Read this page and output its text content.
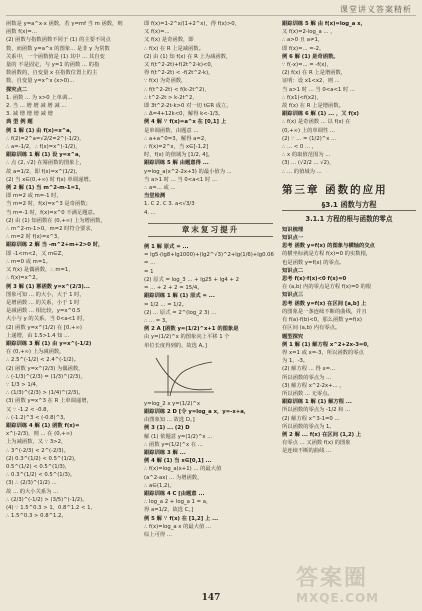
课堂讲义答案精析
函数是 y=a^x·x 函数，若 y=mf 当 m 函数，则
函数 f(x)=...
(2) 函数与指数函数不同于 (1) 的主要不同点
数，而函数 y=a^x 的图象... 是非 y 为常数
关系中，一个函数值是 (1) 其中 ... 其自变
量的 不是固定，与 y=1 的函数 ... 的指
数函数的，自变量 x 在指数位置上的主
数，自变量 y=x^x (x>0)...
探究点二
1. 函数 ... 为 x>0 上单调...
2. 当 ... 增 增 减 增 减 ...
3. 减 增 增 增 减 增
典 型 例 题
例 1 解 (1) 由 f(x)=x^a，
∴ f(2)=2^a=√2/2=2^(-1/2)，
∴ a=-1/2，∴ f(x)=x^(-1/2)，
跟踪训练 1 解 (1) 设 y=x^a，
∴ 点 (2, √2) 在幂函数的图象上，
故 a=1/2，即 f(x)=x^(1/2)。
(2) 当 x∈(0,+∞) 时 f(x) 单调递增。
例 2 解 (1) 当 m^2-m-1=1，
即 m=2 或 m=-1 时，
当 m=2 时，f(x)=x^3 是奇函数；
当 m=-1 时，f(x)=x^0 不满足题意。
(2) 由 (1) 知函数在 (0,+∞) 上为增函数，
∴ m^2-m-1>0，m=2 时符合要求，
∴ m=2 时 f(x)=x^3，
跟踪训练 2 解 当 -m^2+m+2>0 时，
即 -1<m<2，又 m∈Z，
∴ m=0 或 m=1。
又 f(x) 是偶函数，∴ m=1，
∴ f(x)=x^2。
例 3 解 (1) 幂函数 y=x^(2/3)...
图象可知 ... 的大小，大于 1 时，
是增函数 ... 的关系，小于 1 时
是减函数 ... 相比较，y=x^0.5
大小与 y 的关系，当 0<a<1 时，
(2) 函数 y=x^(1/2) 在 [0,+∞)
上递增，由 1.5>1.4 知 ...
跟踪训练 3 解 (1) 由 y=x^(-1/2)
在 (0,+∞) 上为减函数，
∴ 2.5^(-1/2) < 2.4^(-1/2)。
(2) 函数 y=x^(2/3) 为偶函数，
∴ (-1/3)^(2/3) = (1/3)^(2/3)，
∵ 1/3 > 1/4，
∴ (1/3)^(2/3) > (1/4)^(2/3)。
(3) 函数 y=x^3 在 R 上单调递增，
又 ∵ -1.2 < -0.8，
∴ (-1.2)^3 < (-0.8)^3。
跟踪训练 4 解 (1) 函数 f(x)=
x^(-2/3)，则 ... 在 (0,+∞)
上为减函数，又 ∵ 3>2，
∴ 3^(-2/3) < 2^(-2/3)。
(2) 0.3^(1/2) < 0.5^(1/2)，
0.5^(1/2) < 0.5^(1/3)，
∴ 0.3^(1/2) < 0.5^(1/3)。
(3) ∴ (2/3)^(1/2) ...
故 ... 的大小关系为 ...
∴ (2/3)^(-1/2) > (3/5)^(-1/2)。
(4) ∵ 1.5^0.3 > 1，0.8^1.2 < 1，
∴ 1.5^0.3 > 0.8^1.2。
即 f(x)=1-2^x/(1+2^x)，得 f(x)>0，
又 f(x)=...
又 f(x) 是奇函数，即
∴ f(x) 在 R 上是减函数。
(2) 由 (1) 知 f(x) 在 R 上为减函数，
又 f(t^2-2t)+f(2t^2-k)<0，
得 f(t^2-2t) < -f(2t^2-k)，
∵ f(x) 为奇函数，
∴ f(t^2-2t) < f(k-2t^2)，
∴ t^2-2t > k-2t^2，
即 3t^2-2t-k>0 对一切 t∈R 成立，
∴ Δ=4+12k<0，解得 k<-1/3。
例 4 解 ∵ f(x)=a^x 在 [0,1] 上
是单调函数，由题意 ...
∴ a+a^0=3，解得 a=2，
∴ f(x)=2^x，当 x∈[-1,2]
时，f(x) 的值域为 [1/2, 4]。
跟踪训练 5 解 由题意得 ...
y=log_a(x^2-2x+3) 的最小值为 ...
当 a>1 时 ... 当 0<a<1 时 ...
∴ a=... 或 ...
当堂检测
1. C 2. C 3. a<√3/3
4. ...
章末复习提升
例 1 解 原式 = ...
= lg5·(lg8+lg1000)+(lg2^√3)^2+lg(1/6)+lg0.06
= ...
= 1
(2) 原式 = log_3 ... + lg25 + lg4 + 2
= ... + 2 + 2 = 15/4。
跟踪训练 1 解 (1) 原式 = ...
= 1/2 ... = 1/2。
(2) ... 原式 = 2^(log_2 3) ...
∴ ... = 3。
例 2 A [函数 y=(1/2)^x+1 的图象是
由 y=(1/2)^x 的图象向上平移 1 个
单位长度得到的，故选 A。]
y=log_2 x y=(1/2)^x
跟踪训练 2 D [令 y=log_a x，y=-x+a，
由图象知 ... 故选 D。]
例 3 (1) ... (2) D
解 (1) 依题意 y=(1/2)^x ...
∴ 函数 y=(1/2)^x 在 ...
跟踪训练 3 解 ...
例 4 解 (1) 当 x∈[0,1] ...
∴ f(x)=log_a(x+1) ... 的最大值
(a^2-ax) ... 为增函数，
∴ a∈(1,2)。
跟踪训练 4 C [由题意 ...
∴ log_a 2 + log_a 1 = a，
得 a=1/2，故选 C。]
例 5 解 ∵ f(x) 在 [1,2] 上 ...
∴ f(x)=log_a x 的最大值 ...
综上可得 ...
跟踪训练 5 解 由 f(x)=log_a x，
又 f(x)=2-log_a ... ，
∴ a>0 且 a≠1，
即 f(x)=... =-2。
例 6 解 (1) 是奇函数。
∵ f(-x)=... = -f(x)，
(2) f(x) 在 R 上是增函数，
证明：设 x1<x2，则 ...
当 a>1 时 ... 当 0<a<1 时 ...
∴ f(x1)<f(x2)，
故 f(x) 在 R 上是增函数。
跟踪训练 6 解 (1) ... ，又 f(x)
∴ f(x) 是奇函数 ... 以 f(x) 在
(0,+∞) 上的单调性 ...
(2) ∵ ... = (1/2)^x ...
∴ ... < 0 ... ，
∴ x 的取值范围为 ...
(3) ... (√2/2 ... √2)，
∴ ... 的值域为 ...
第三章 函数的应用
§3.1 函数与方程
3.1.1 方程的根与函数的零点
知识梳理
知识点一
思考 函数 y=f(x) 的图象与横轴的交点
的横坐标就是方程 f(x)=0 的实数根，
也是函数 y=f(x) 的零点。
知识点二
思考 f(x)·f(x)<0 f(x)=0
在 (a,b) 内的零点是方程 f(x)=0 的根
知识点三
思考 函数 y=f(x) 在区间 [a,b] 上
的图象是一条连续不断的曲线，并且
有 f(a)·f(b)<0，那么函数 y=f(x)
在区间 (a,b) 内有零点。
题型探究
例 1 解 (1) 解方程 x^2+2x-3=0，
得 x=1 或 x=-3，所以函数的零点
为 1，-3。
(2) 解方程 ... 得 x=...
所以函数的零点为 ...
(3) 解方程 x^2-2x+... ，
所以函数 ... 无零点。
跟踪训练 1 解 (1) 解方程 ...
所以函数的零点为 -1/2 和 ...
(2) 解方程 x^3-1=0 ...
所以函数的零点为 1。
例 2 解 ... f(x) 在区间 (1,2) 上
有零点 ... 又函数 f(x) 的图象
是连续不断的曲线 ...
147
答案圈
MXQE.COM
